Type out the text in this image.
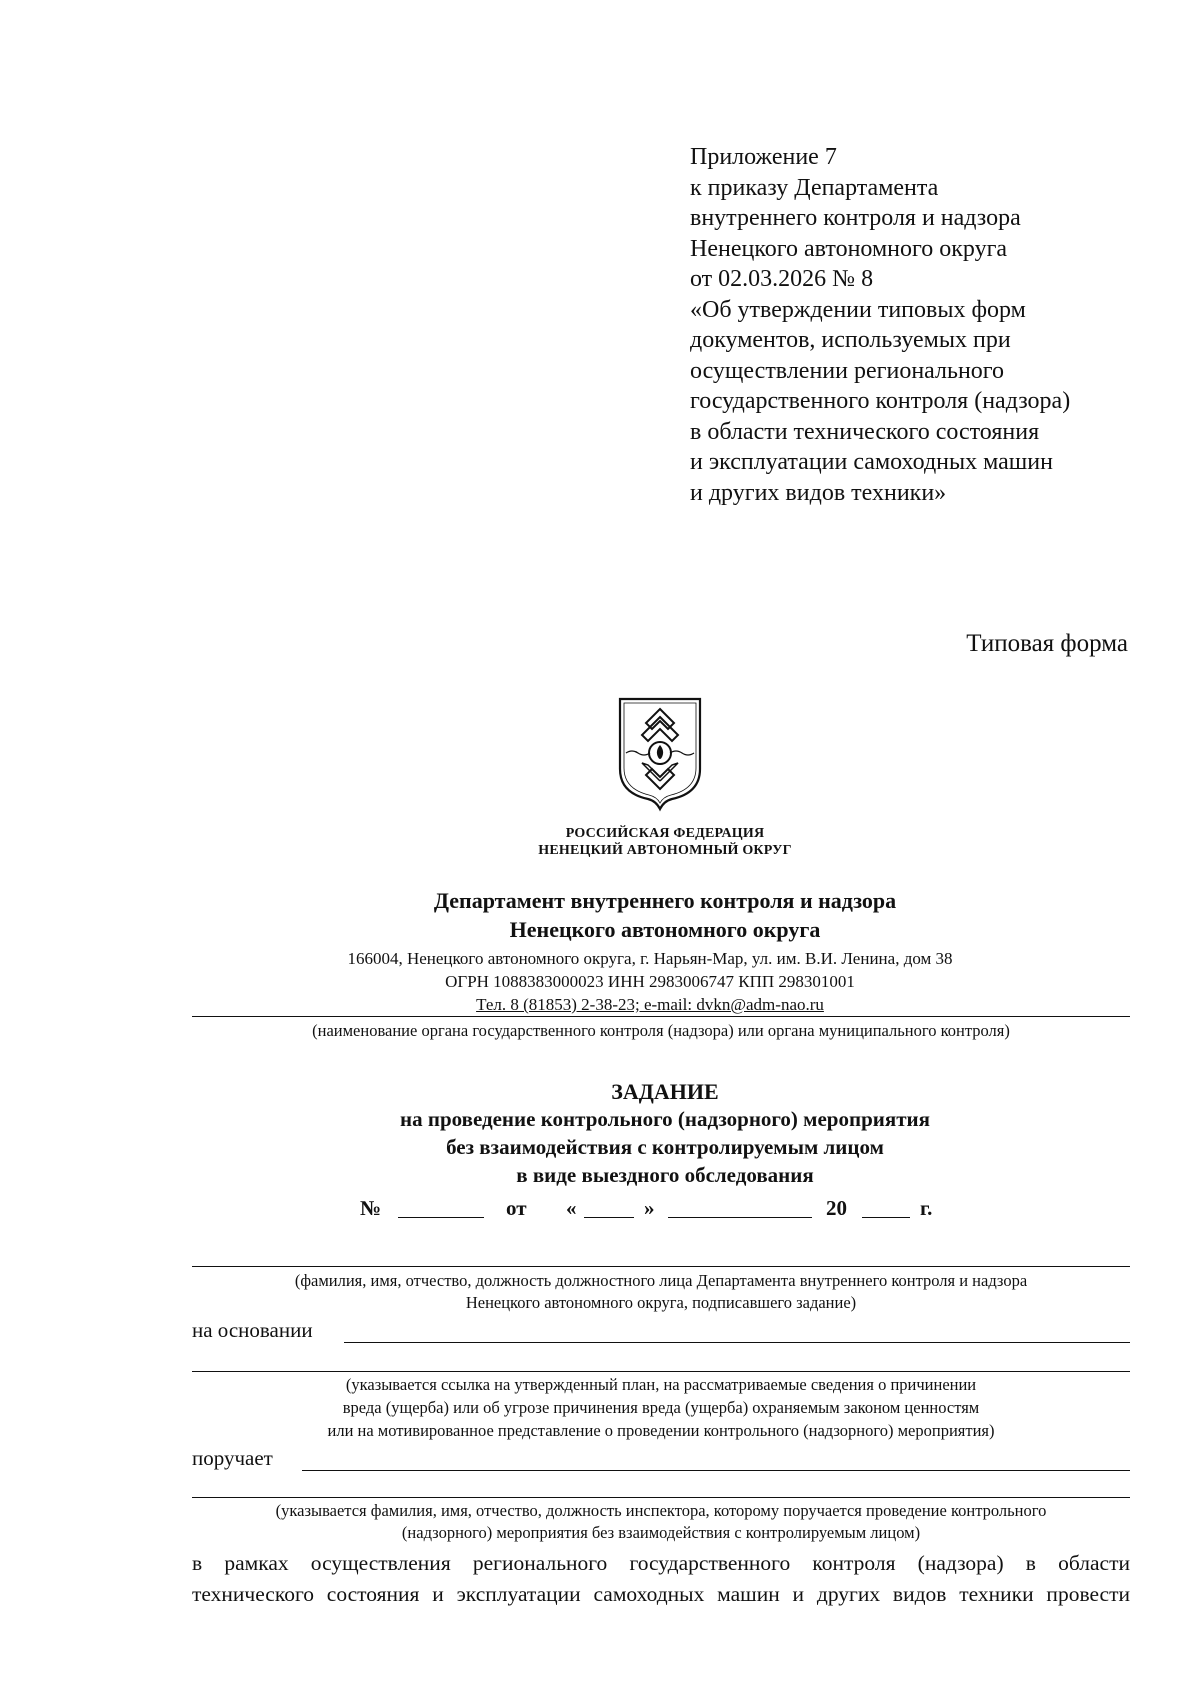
Приложение 7
к приказу Департамента
внутреннего контроля и надзора
Ненецкого автономного округа
от 02.03.2026 № 8
«Об утверждении типовых форм
документов, используемых при
осуществлении регионального
государственного контроля (надзора)
в области технического состояния
и эксплуатации самоходных машин
и других видов техники»
Типовая форма
РОССИЙСКАЯ ФЕДЕРАЦИЯ
НЕНЕЦКИЙ АВТОНОМНЫЙ ОКРУГ
Департамент внутреннего контроля и надзора
Ненецкого автономного округа
166004, Ненецкого автономного округа, г. Нарьян-Мар, ул. им. В.И. Ленина, дом 38
ОГРН 1088383000023 ИНН 2983006747 КПП 298301001
Тел. 8 (81853) 2-38-23; e-mail: dvkn@adm-nao.ru
(наименование органа государственного контроля (надзора) или органа муниципального контроля)
ЗАДАНИЕ
на проведение контрольного (надзорного) мероприятия
без взаимодействия с контролируемым лицом
в виде выездного обследования
№	от «	»	20	г.
(фамилия, имя, отчество, должность должностного лица Департамента внутреннего контроля и надзора
Ненецкого автономного округа, подписавшего задание)
на основании
(указывается ссылка на утвержденный план, на рассматриваемые сведения о причинении
вреда (ущерба) или об угрозе причинения вреда (ущерба) охраняемым законом ценностям
или на мотивированное представление о проведении контрольного (надзорного) мероприятия)
поручает
(указывается фамилия, имя, отчество, должность инспектора, которому поручается проведение контрольного
(надзорного) мероприятия без взаимодействия с контролируемым лицом)
в рамках осуществления регионального государственного контроля (надзора) в области
технического состояния и эксплуатации самоходных машин и других видов техники провести
